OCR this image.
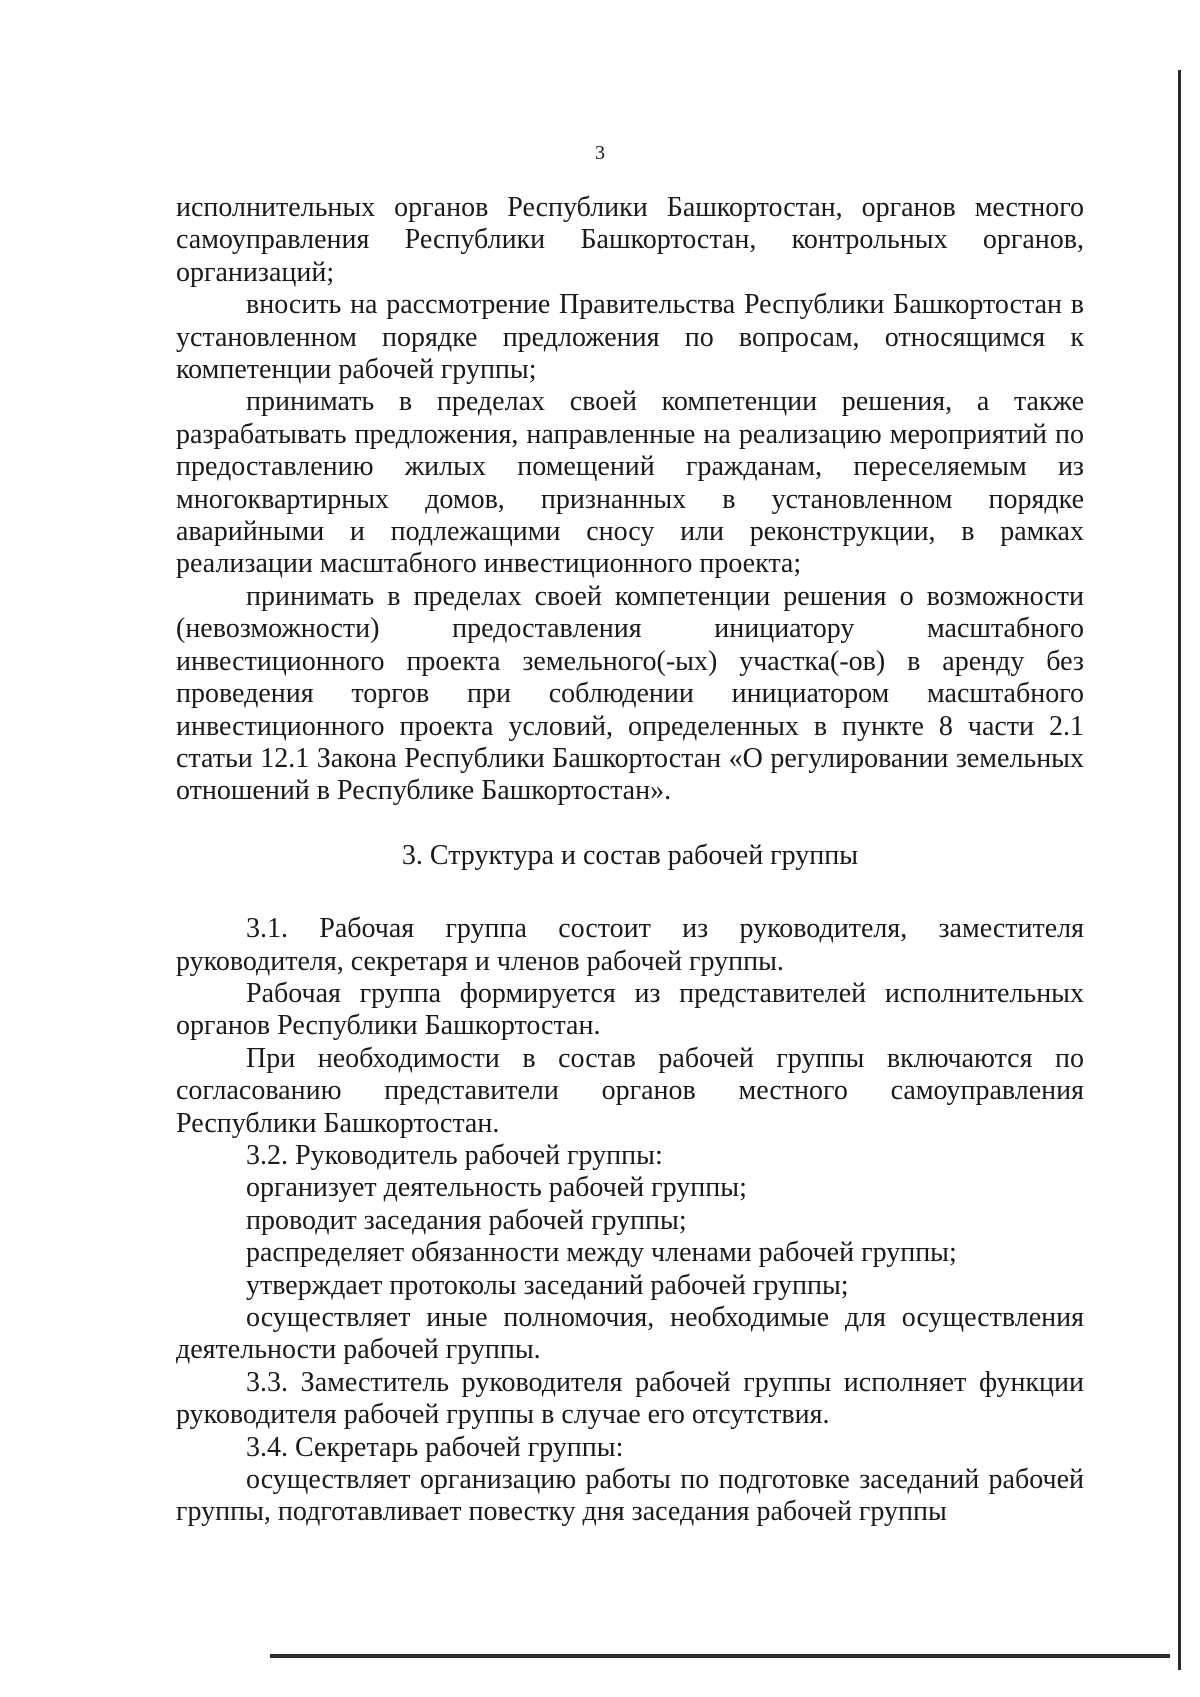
3

исполнительных органов Республики Башкортостан, органов местного самоуправления Республики Башкортостан, контрольных органов, организаций;

вносить на рассмотрение Правительства Республики Башкортостан в установленном порядке предложения по вопросам, относящимся к компетенции рабочей группы;

принимать в пределах своей компетенции решения, а также разрабатывать предложения, направленные на реализацию мероприятий по предоставлению жилых помещений гражданам, переселяемым из многоквартирных домов, признанных в установленном порядке аварийными и подлежащими сносу или реконструкции, в рамках реализации масштабного инвестиционного проекта;

принимать в пределах своей компетенции решения о возможности (невозможности) предоставления инициатору масштабного инвестиционного проекта земельного(-ых) участка(-ов) в аренду без проведения торгов при соблюдении инициатором масштабного инвестиционного проекта условий, определенных в пункте 8 части 2.1 статьи 12.1 Закона Республики Башкортостан «О регулировании земельных отношений в Республике Башкортостан».

3. Структура и состав рабочей группы

3.1. Рабочая группа состоит из руководителя, заместителя руководителя, секретаря и членов рабочей группы.

Рабочая группа формируется из представителей исполнительных органов Республики Башкортостан.

При необходимости в состав рабочей группы включаются по согласованию представители органов местного самоуправления Республики Башкортостан.

3.2. Руководитель рабочей группы:

организует деятельность рабочей группы;

проводит заседания рабочей группы;

распределяет обязанности между членами рабочей группы;

утверждает протоколы заседаний рабочей группы;

осуществляет иные полномочия, необходимые для осуществления деятельности рабочей группы.

3.3. Заместитель руководителя рабочей группы исполняет функции руководителя рабочей группы в случае его отсутствия.

3.4. Секретарь рабочей группы:

осуществляет организацию работы по подготовке заседаний рабочей группы, подготавливает повестку дня заседания рабочей группы
